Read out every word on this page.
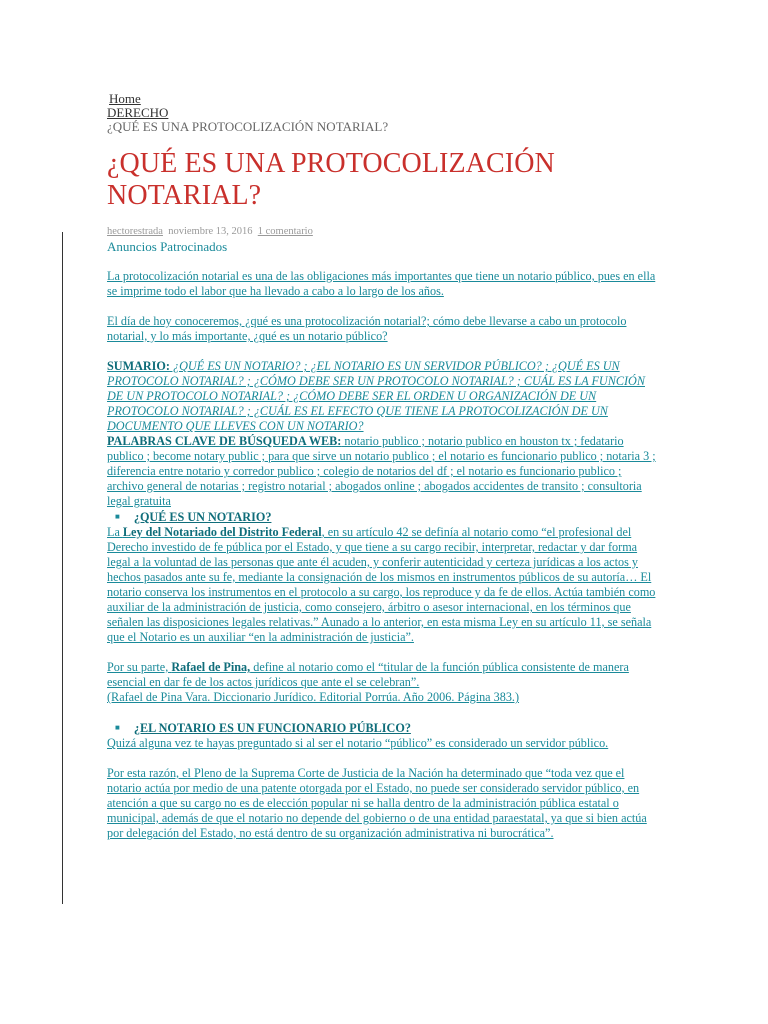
Home
DERECHO
¿QUÉ ES UNA PROTOCOLIZACIÓN NOTARIAL?
¿QUÉ ES UNA PROTOCOLIZACIÓN NOTARIAL?
hectorestrada noviembre 13, 2016 1 comentario
Anuncios Patrocinados

La protocolización notarial es una de las obligaciones más importantes que tiene un notario público, pues en ella se imprime todo el labor que ha llevado a cabo a lo largo de los años.

El día de hoy conoceremos, ¿qué es una protocolización notarial?; cómo debe llevarse a cabo un protocolo notarial, y lo más importante, ¿qué es un notario público?

SUMARIO: ¿QUÉ ES UN NOTARIO? ; ¿EL NOTARIO ES UN SERVIDOR PÚBLICO? ; ¿QUÉ ES UN PROTOCOLO NOTARIAL? ; ¿CÓMO DEBE SER UN PROTOCOLO NOTARIAL? ; CUÁL ES LA FUNCIÓN DE UN PROTOCOLO NOTARIAL? ; ¿CÓMO DEBE SER EL ORDEN U ORGANIZACIÓN DE UN PROTOCOLO NOTARIAL? ; ¿CUÁL ES EL EFECTO QUE TIENE LA PROTOCOLIZACIÓN DE UN DOCUMENTO QUE LLEVES CON UN NOTARIO?

PALABRAS CLAVE DE BÚSQUEDA WEB: notario publico ; notario publico en houston tx ; fedatario publico ; become notary public ; para que sirve un notario publico ; el notario es funcionario publico ; notaria 3 ; diferencia entre notario y corredor publico ; colegio de notarios del df ; el notario es funcionario publico ; archivo general de notarias ; registro notarial ; abogados online ; abogados accidentes de transito ; consultoria legal gratuita

■ ¿QUÉ ES UN NOTARIO?

La Ley del Notariado del Distrito Federal, en su artículo 42 se definía al notario como “el profesional del Derecho investido de fe pública por el Estado, y que tiene a su cargo recibir, interpretar, redactar y dar forma legal a la voluntad de las personas que ante él acuden, y conferir autenticidad y certeza jurídicas a los actos y hechos pasados ante su fe, mediante la consignación de los mismos en instrumentos públicos de su autoría… El notario conserva los instrumentos en el protocolo a su cargo, los reproduce y da fe de ellos. Actúa también como auxiliar de la administración de justicia, como consejero, árbitro o asesor internacional, en los términos que señalen las disposiciones legales relativas.” Aunado a lo anterior, en esta misma Ley en su artículo 11, se señala que el Notario es un auxiliar “en la administración de justicia”.

Por su parte, Rafael de Pina, define al notario como el “titular de la función pública consistente de manera esencial en dar fe de los actos jurídicos que ante el se celebran”.

(Rafael de Pina Vara. Diccionario Jurídico. Editorial Porrúa. Año 2006. Página 383.)

■ ¿EL NOTARIO ES UN FUNCIONARIO PÚBLICO?

Quizá alguna vez te hayas preguntado si al ser el notario “público” es considerado un servidor público.

Por esta razón, el Pleno de la Suprema Corte de Justicia de la Nación ha determinado que “toda vez que el notario actúa por medio de una patente otorgada por el Estado, no puede ser considerado servidor público, en atención a que su cargo no es de elección popular ni se halla dentro de la administración pública estatal o municipal, además de que el notario no depende del gobierno o de una entidad paraestatal, ya que si bien actúa por delegación del Estado, no está dentro de su organización administrativa ni burocrática”.
